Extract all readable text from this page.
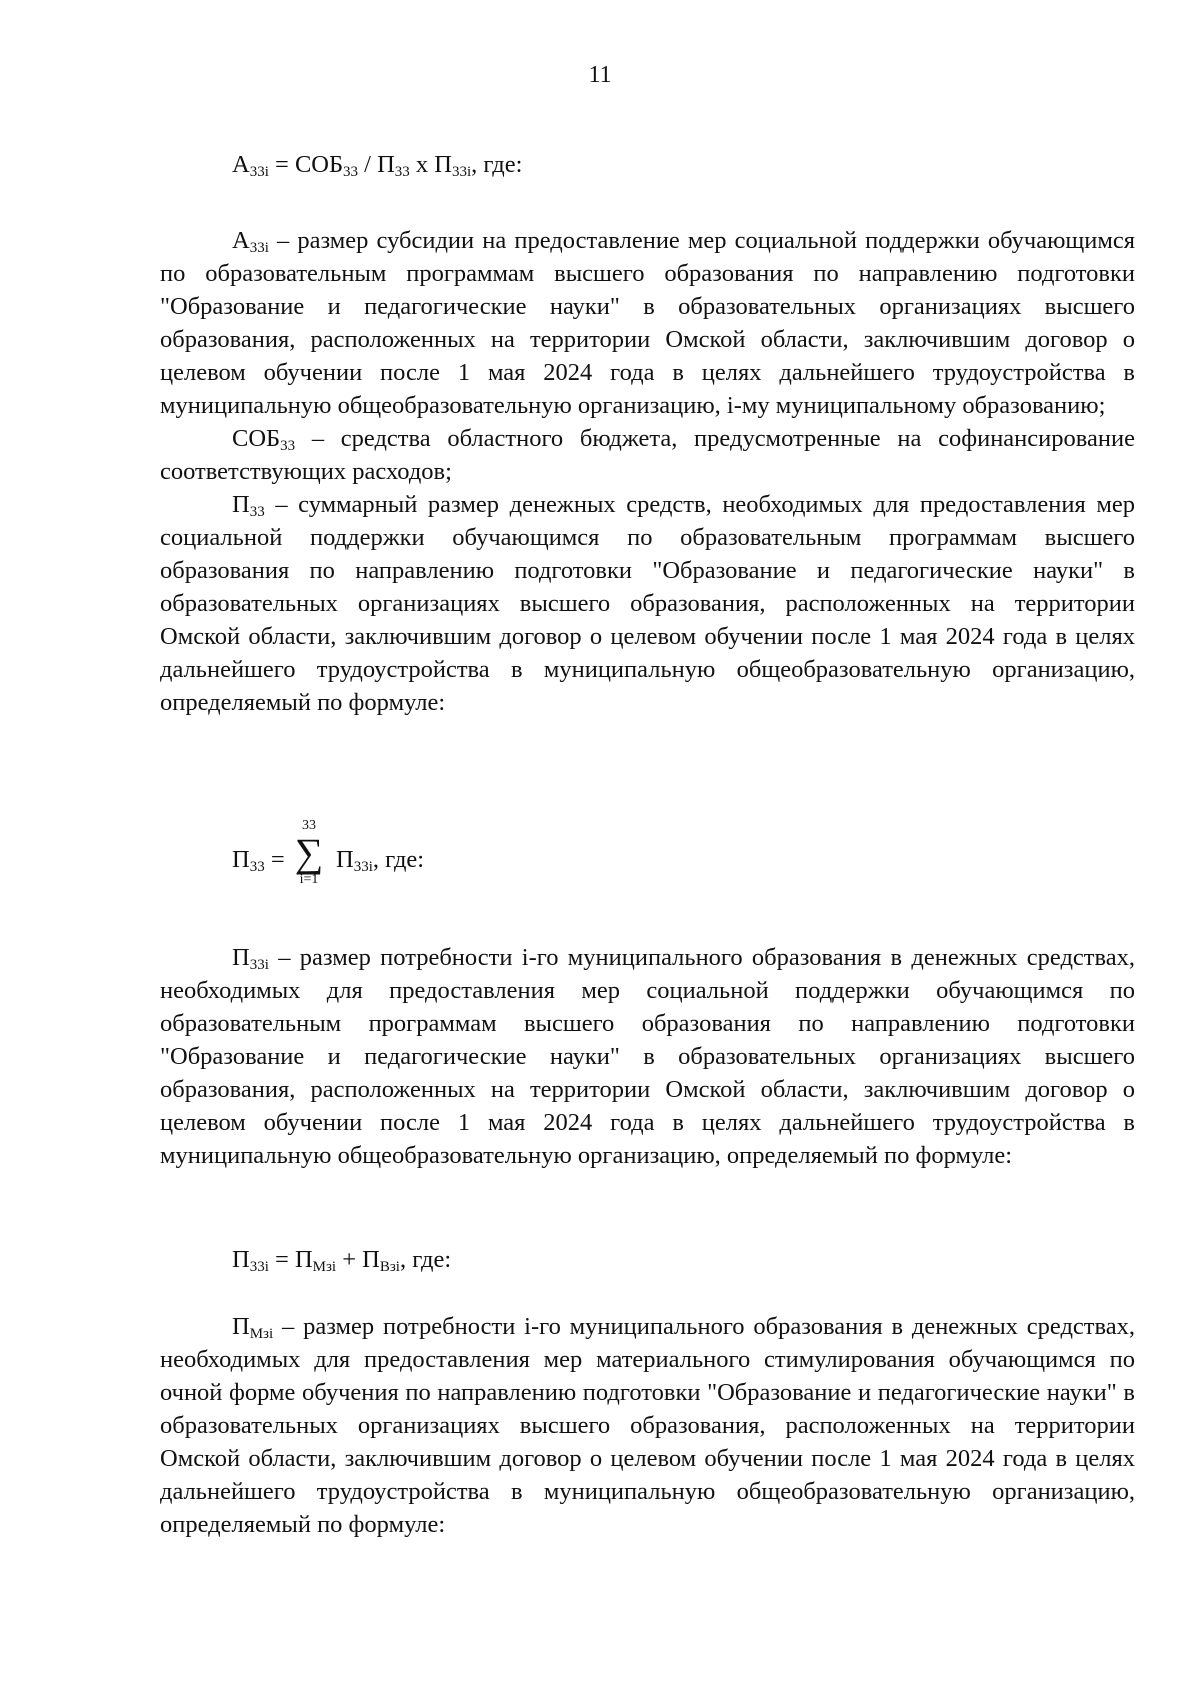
11
$А_{33i} = СОБ_{33} / П_{33}$ х $П_{33i}$, где:

$А_{33i}$ – размер субсидии на предоставление мер социальной поддержки обучающимся по образовательным программам высшего образования по направлению подготовки "Образование и педагогические науки" в образовательных организациях высшего образования, расположенных на территории Омской области, заключившим договор о целевом обучении после 1 мая 2024 года в целях дальнейшего трудоустройства в муниципальную общеобразовательную организацию, i-му муниципальному образованию;

$СОБ_{33}$ – средства областного бюджета, предусмотренные на софинансирование соответствующих расходов;

$П_{33}$ – суммарный размер денежных средств, необходимых для предоставления мер социальной поддержки обучающимся по образовательным программам высшего образования по направлению подготовки "Образование и педагогические науки" в образовательных организациях высшего образования, расположенных на территории Омской области, заключившим договор о целевом обучении после 1 мая 2024 года в целях дальнейшего трудоустройства в муниципальную общеобразовательную организацию, определяемый по формуле:

$П_{33}$ =
33
∑
i=1
$П_{33i}$, где:

$П_{33i}$ – размер потребности i-го муниципального образования в денежных средствах, необходимых для предоставления мер социальной поддержки обучающимся по образовательным программам высшего образования по направлению подготовки "Образование и педагогические науки" в образовательных организациях высшего образования, расположенных на территории Омской области, заключившим договор о целевом обучении после 1 мая 2024 года в целях дальнейшего трудоустройства в муниципальную общеобразовательную организацию, определяемый по формуле:

$П_{33i} = П_{Мзi} + П_{Взi}$, где:

$П_{Мзi}$ – размер потребности i-го муниципального образования в денежных средствах, необходимых для предоставления мер материального стимулирования обучающимся по очной форме обучения по направлению подготовки "Образование и педагогические науки" в образовательных организациях высшего образования, расположенных на территории Омской области, заключившим договор о целевом обучении после 1 мая 2024 года в целях дальнейшего трудоустройства в муниципальную общеобразовательную организацию, определяемый по формуле:
